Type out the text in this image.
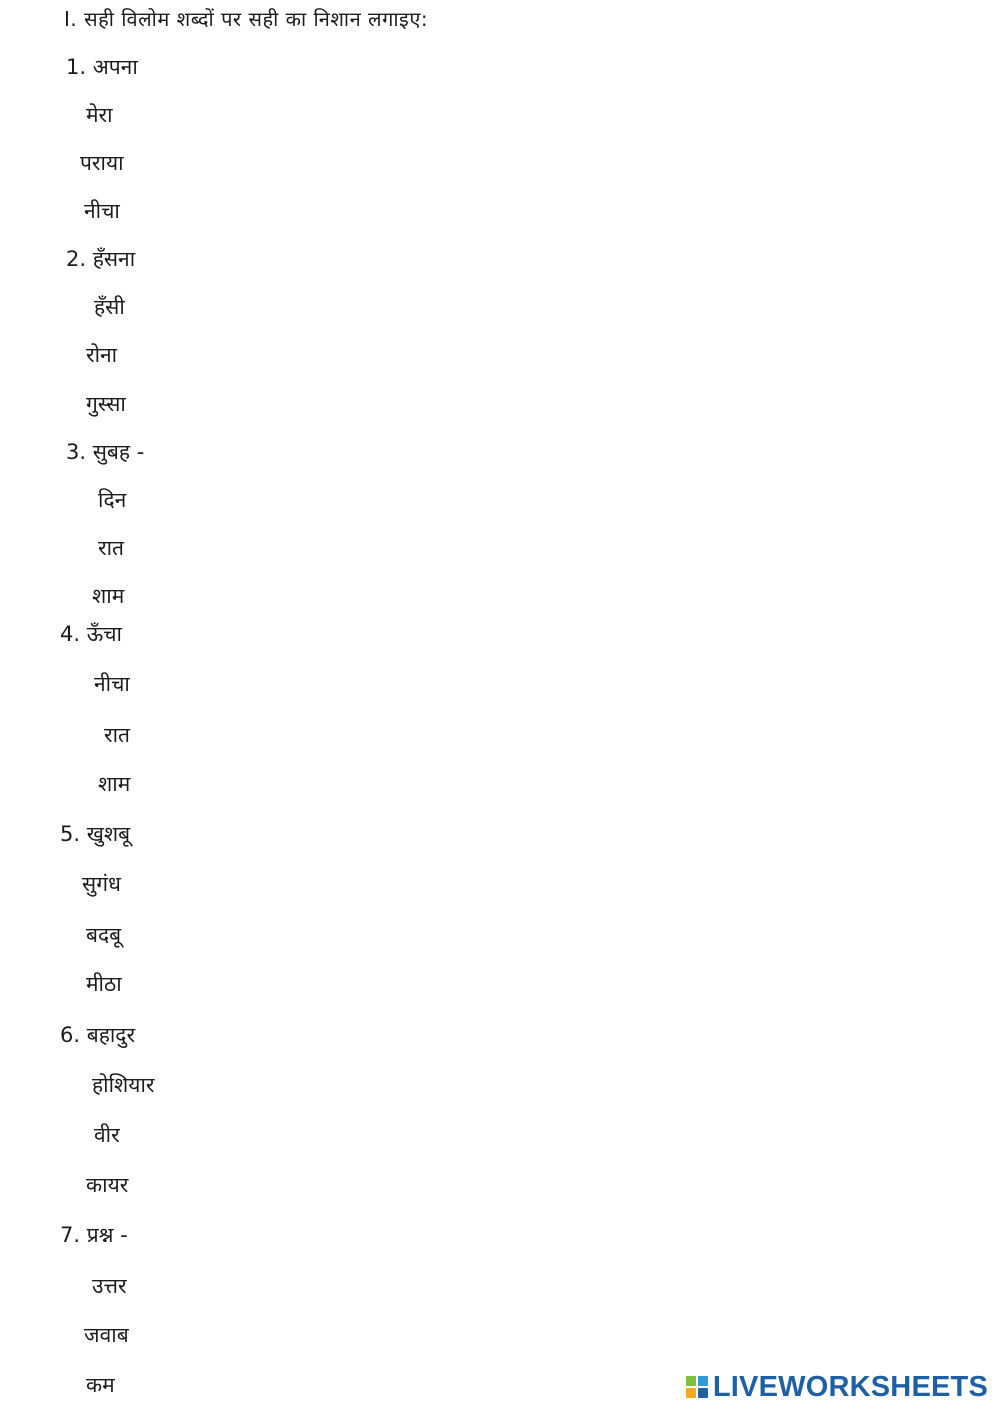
I. सही विलोम शब्दों पर सही का निशान लगाइए:
1. अपना
मेरा
पराया
नीचा
2. हँसना
हँसी
रोना
गुस्सा
3. सुबह -
दिन
रात
शाम
4. ऊँचा
नीचा
रात
शाम
5. खुशबू
सुगंध
बदबू
मीठा
6. बहादुर
होशियार
वीर
कायर
7. प्रश्न -
उत्तर
जवाब
कम	LIVEWORKSHEETS
